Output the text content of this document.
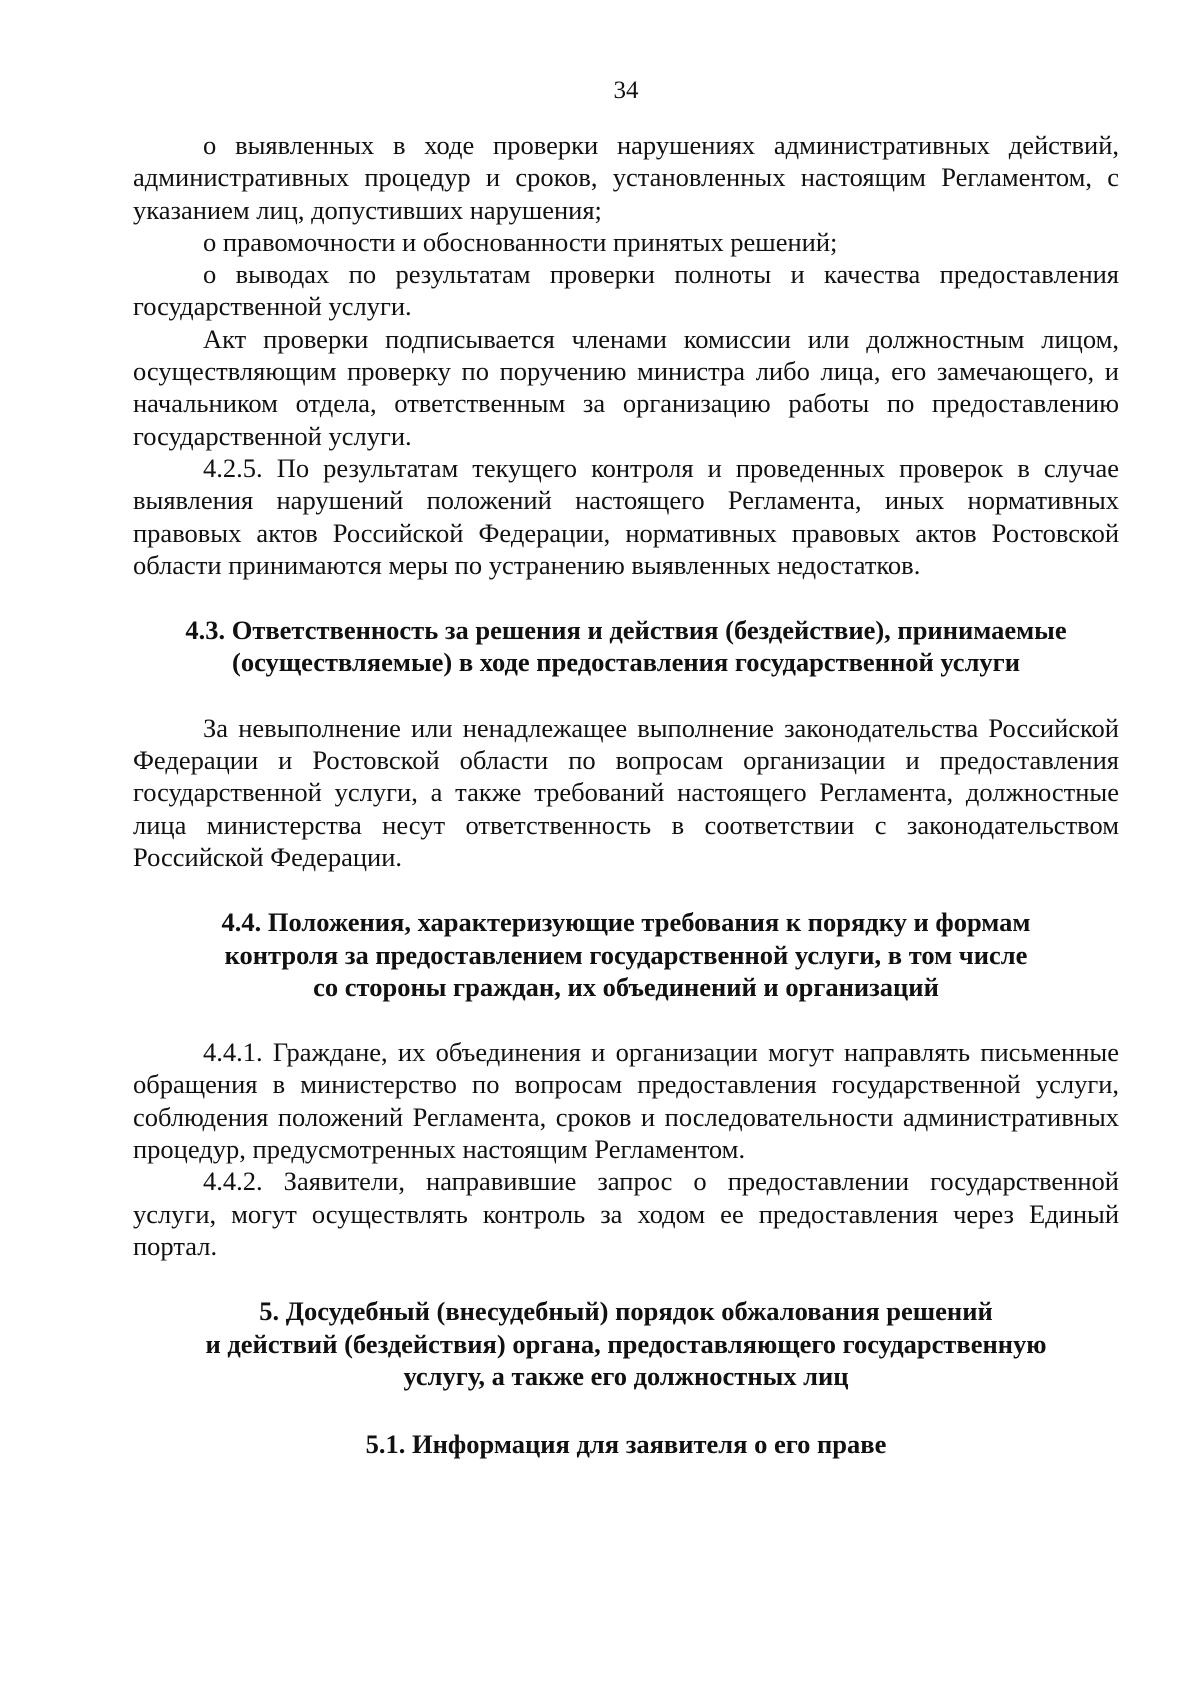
34

о выявленных в ходе проверки нарушениях административных действий, административных процедур и сроков, установленных настоящим Регламентом, с указанием лиц, допустивших нарушения;

о правомочности и обоснованности принятых решений;

о выводах по результатам проверки полноты и качества предоставления государственной услуги.

Акт проверки подписывается членами комиссии или должностным лицом, осуществляющим проверку по поручению министра либо лица, его замечающего, и начальником отдела, ответственным за организацию работы по предоставлению государственной услуги.

4.2.5. По результатам текущего контроля и проведенных проверок в случае выявления нарушений положений настоящего Регламента, иных нормативных правовых актов Российской Федерации, нормативных правовых актов Ростовской области принимаются меры по устранению выявленных недостатков.

4.3. Ответственность за решения и действия (бездействие), принимаемые
(осуществляемые) в ходе предоставления государственной услуги

За невыполнение или ненадлежащее выполнение законодательства Российской Федерации и Ростовской области по вопросам организации и предоставления государственной услуги, а также требований настоящего Регламента, должностные лица министерства несут ответственность в соответствии с законодательством Российской Федерации.

4.4. Положения, характеризующие требования к порядку и формам
контроля за предоставлением государственной услуги, в том числе
со стороны граждан, их объединений и организаций

4.4.1. Граждане, их объединения и организации могут направлять письменные обращения в министерство по вопросам предоставления государственной услуги, соблюдения положений Регламента, сроков и последовательности административных процедур, предусмотренных настоящим Регламентом.

4.4.2. Заявители, направившие запрос о предоставлении государственной услуги, могут осуществлять контроль за ходом ее предоставления через Единый портал.

5. Досудебный (внесудебный) порядок обжалования решений
и действий (бездействия) органа, предоставляющего государственную
услугу, а также его должностных лиц
5.1. Информация для заявителя о его праве
